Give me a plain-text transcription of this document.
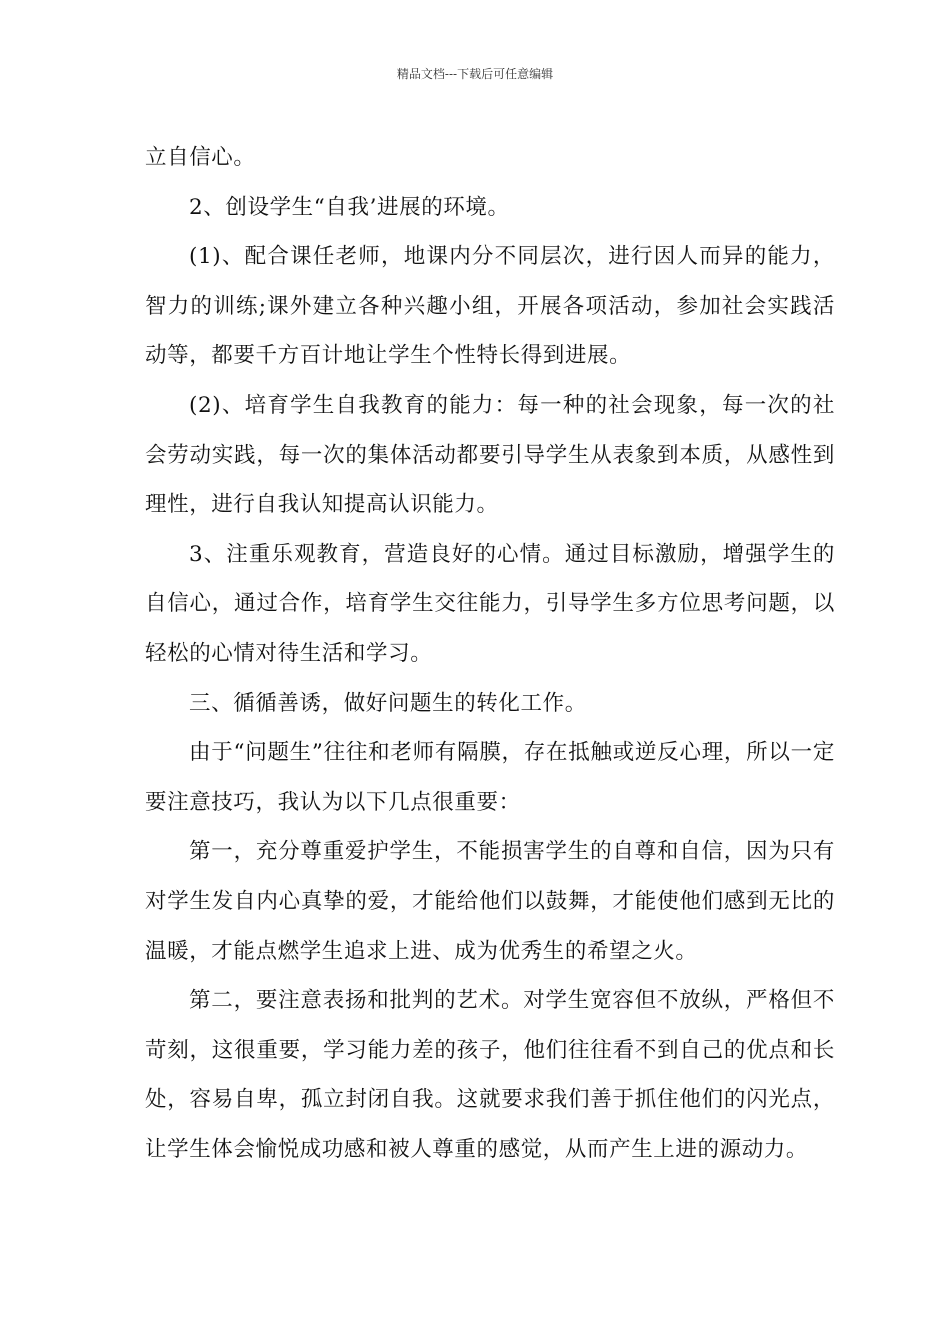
精品文档---下载后可任意编辑

立自信心。

2、创设学生“自我’进展的环境。

(1)、配合课任老师，地课内分不同层次，进行因人而异的能力，智力的训练;课外建立各种兴趣小组，开展各项活动，参加社会实践活动等，都要千方百计地让学生个性特长得到进展。

(2)、培育学生自我教育的能力：每一种的社会现象，每一次的社会劳动实践，每一次的集体活动都要引导学生从表象到本质，从感性到理性，进行自我认知提高认识能力。

3、注重乐观教育，营造良好的心情。通过目标激励，增强学生的自信心，通过合作，培育学生交往能力，引导学生多方位思考问题，以轻松的心情对待生活和学习。

三、循循善诱，做好问题生的转化工作。

由于“问题生”往往和老师有隔膜，存在抵触或逆反心理，所以一定要注意技巧，我认为以下几点很重要：

第一，充分尊重爱护学生，不能损害学生的自尊和自信，因为只有对学生发自内心真挚的爱，才能给他们以鼓舞，才能使他们感到无比的温暖，才能点燃学生追求上进、成为优秀生的希望之火。

第二，要注意表扬和批判的艺术。对学生宽容但不放纵，严格但不苛刻，这很重要，学习能力差的孩子，他们往往看不到自己的优点和长处，容易自卑，孤立封闭自我。这就要求我们善于抓住他们的闪光点，让学生体会愉悦成功感和被人尊重的感觉，从而产生上进的源动力。
